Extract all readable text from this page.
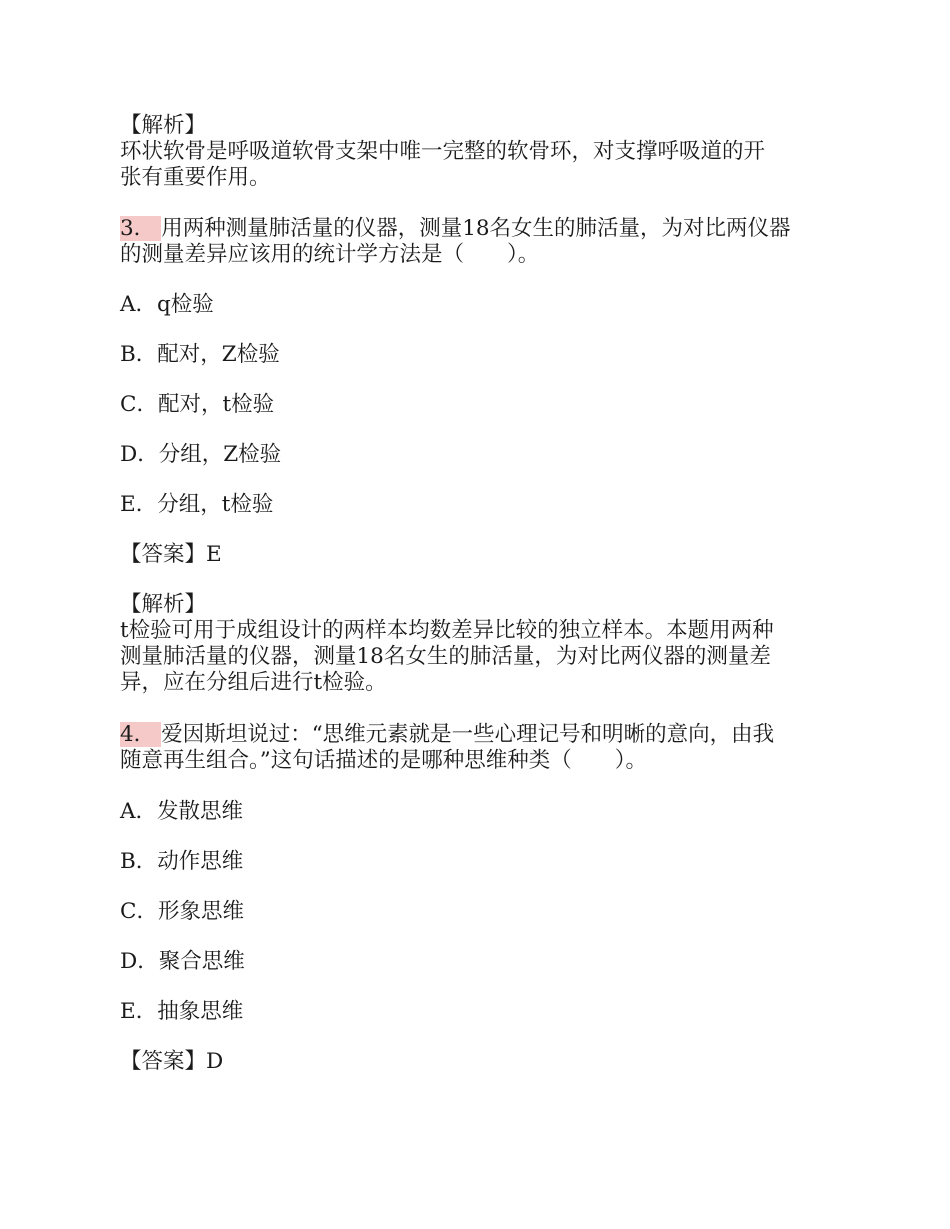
【解析】
环状软骨是呼吸道软骨支架中唯一完整的软骨环，对支撑呼吸道的开
张有重要作用。
3． 用两种测量肺活量的仪器，测量18名女生的肺活量，为对比两仪器
的测量差异应该用的统计学方法是（　　）。
A．q检验
B．配对，Z检验
C．配对，t检验
D．分组，Z检验
E．分组，t检验
【答案】E
【解析】
t检验可用于成组设计的两样本均数差异比较的独立样本。本题用两种
测量肺活量的仪器，测量18名女生的肺活量，为对比两仪器的测量差
异，应在分组后进行t检验。
4． 爱因斯坦说过：“思维元素就是一些心理记号和明晰的意向，由我
随意再生组合。”这句话描述的是哪种思维种类（　　）。
A．发散思维
B．动作思维
C．形象思维
D．聚合思维
E．抽象思维
【答案】D
